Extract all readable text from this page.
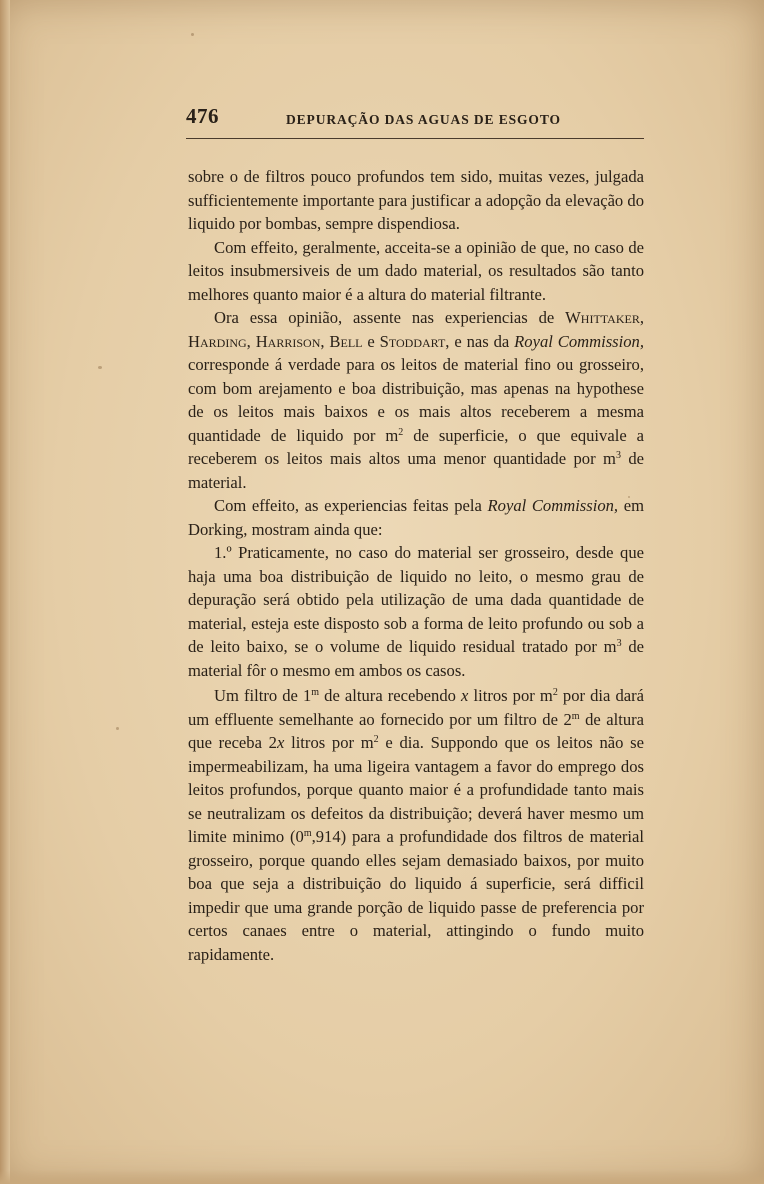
476	DEPURAÇÃO DAS AGUAS DE ESGOTO

sobre o de filtros pouco profundos tem sido, muitas vezes, julgada sufficientemente importante para justificar a adopção da elevação do liquido por bombas, sempre dispendiosa.

Com effeito, geralmente, acceita-se a opinião de que, no caso de leitos insubmersiveis de um dado material, os resultados são tanto melhores quanto maior é a altura do material filtrante.

Ora essa opinião, assente nas experiencias de Whittaker, Harding, Harrison, Bell e Stoddart, e nas da Royal Commission, corresponde á verdade para os leitos de material fino ou grosseiro, com bom arejamento e boa distribuição, mas apenas na hypothese de os leitos mais baixos e os mais altos receberem a mesma quantidade de liquido por $m^2$ de superficie, o que equivale a receberem os leitos mais altos uma menor quantidade por $m^3$ de material.

Com effeito, as experiencias feitas pela Royal Commission, em Dorking, mostram ainda que:

1.º Praticamente, no caso do material ser grosseiro, desde que haja uma boa distribuição de liquido no leito, o mesmo grau de depuração será obtido pela utilização de uma dada quantidade de material, esteja este disposto sob a forma de leito profundo ou sob a de leito baixo, se o volume de liquido residual tratado por $m^3$ de material fôr o mesmo em ambos os casos.

Um filtro de 1$^m$ de altura recebendo x litros por $m^2$ por dia dará um effluente semelhante ao fornecido por um filtro de 2$^m$ de altura que receba 2x litros por $m^2$ e dia. Suppondo que os leitos não se impermeabilizam, ha uma ligeira vantagem a favor do emprego dos leitos profundos, porque quanto maior é a profundidade tanto mais se neutralizam os defeitos da distribuição; deverá haver mesmo um limite minimo (0$^m$,914) para a profundidade dos filtros de material grosseiro, porque quando elles sejam demasiado baixos, por muito boa que seja a distribuição do liquido á superficie, será difficil impedir que uma grande porção de liquido passe de preferencia por certos canaes entre o material, attingindo o fundo muito rapidamente.
